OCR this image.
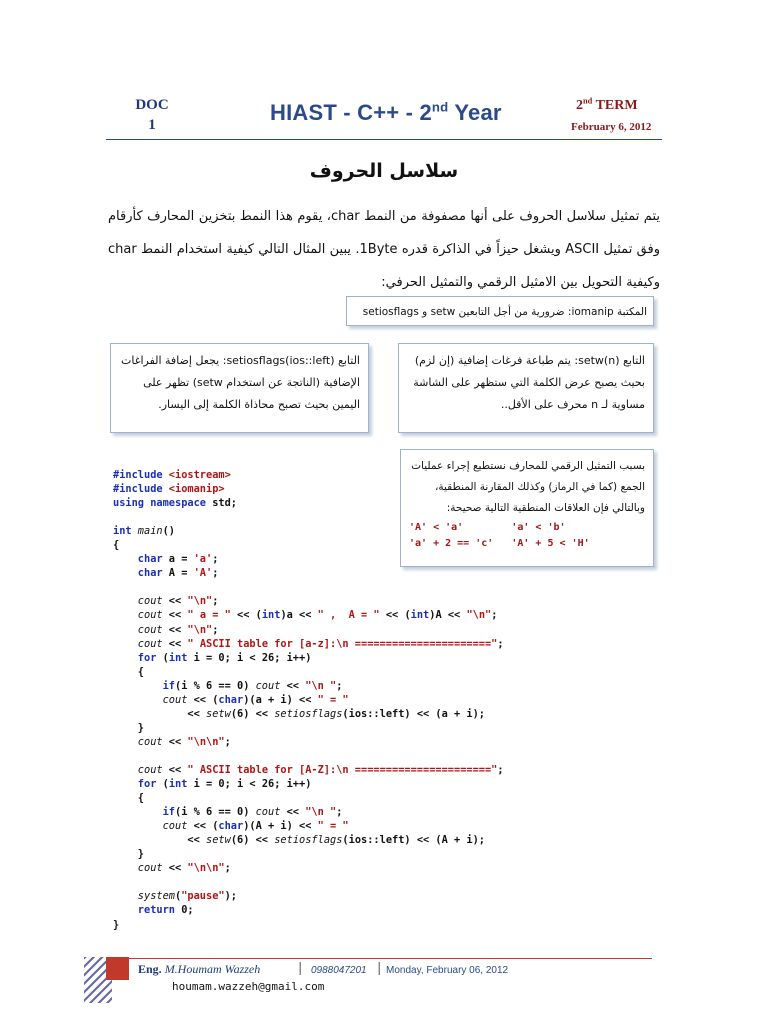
DOC
1	HIAST - C++ - 2nd Year	2nd TERM
February 6, 2012
سلاسل الحروف
يتم تمثيل سلاسل الحروف على أنها مصفوفة من النمط char، يقوم هذا النمط بتخزين المحارف كأرقام وفق تمثيل ASCII ويشغل حيزاً في الذاكرة قدره 1Byte. يبين المثال التالي كيفية استخدام النمط char وكيفية التحويل بين الامثيل الرقمي والتمثيل الحرفي:
المكتبة iomanip: ضرورية من أجل التابعين setw و setiosflags
التابع setiosflags(ios::left): يجعل إضافة الفراغات الإضافية (الناتجة عن استخدام setw) تظهر على اليمين بحيث تصبح محاذاة الكلمة إلى اليسار.
التابع setw(n): يتم طباعة فرغات إضافية (إن لزم) بحيث يصبح عرض الكلمة التي ستظهر على الشاشة مساوية لـ n محرف على الأقل..
بسبب التمثيل الرقمي للمحارف نستطيع إجراء عمليات الجمع (كما في الرماز) وكذلك المقارنة المنطقية، وبالتالي فإن العلاقات المنطقية التالية صحيحة:
'A' < 'a'        'a' < 'b'
'a' + 2 == 'c'   'A' + 5 < 'H'
#include <iostream>
#include <iomanip>
using namespace std;

int main()
{
char a = 'a';
char A = 'A';

cout << "\n";
cout << " a = " << (int)a << " ,  A = " << (int)A << "\n";
cout << "\n";
cout << " ASCII table for [a-z]:\n ======================";
for (int i = 0; i < 26; i++)
{
if(i % 6 == 0) cout << "\n ";
cout << (char)(a + i) << " = "
<< setw(6) << setiosflags(ios::left) << (a + i);
}
cout << "\n\n";

cout << " ASCII table for [A-Z]:\n ======================";
for (int i = 0; i < 26; i++)
{
if(i % 6 == 0) cout << "\n ";
cout << (char)(A + i) << " = "
<< setw(6) << setiosflags(ios::left) << (A + i);
}
cout << "\n\n";

system("pause");
return 0;
}
Eng. M.Houmam Wazzeh	| 0988047201 | Monday, February 06, 2012
houmam.wazzeh@gmail.com
